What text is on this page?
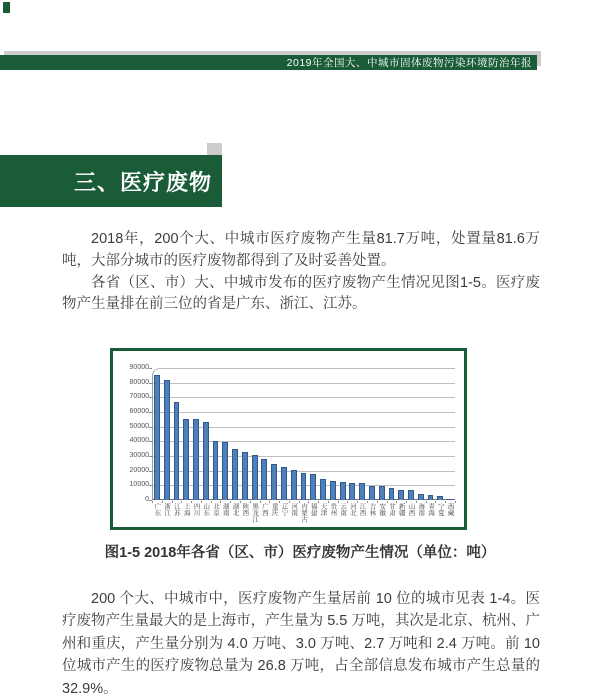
2019年全国大、中城市固体废物污染环境防治年报
三、医疗废物

2018年，200个大、中城市医疗废物产生量81.7万吨，处置量81.6万吨，大部分城市的医疗废物都得到了及时妥善处置。

各省（区、市）大、中城市发布的医疗废物产生情况见图1-5。医疗废物产生量排在前三位的省是广东、浙江、江苏。

0
10000
20000
30000
40000
50000
60000
70000
80000
90000
广东 浙江 江苏 上海 四川 山东 北京 湖南 湖北 陕西 黑龙江 广西 重庆 辽宁 河南 内蒙古 福建 天津 贵州 云南 河北 江西 吉林 安徽 甘肃 新疆 山西 海南 青海 宁夏 西藏
图1-5 2018年各省（区、市）医疗废物产生情况（单位：吨）

200 个大、中城市中，医疗废物产生量居前 10 位的城市见表 1-4。医疗废物产生量最大的是上海市，产生量为 5.5 万吨，其次是北京、杭州、广州和重庆，产生量分别为 4.0 万吨、3.0 万吨、2.7 万吨和 2.4 万吨。前 10 位城市产生的医疗废物总量为 26.8 万吨，占全部信息发布城市产生总量的 32.9%。
